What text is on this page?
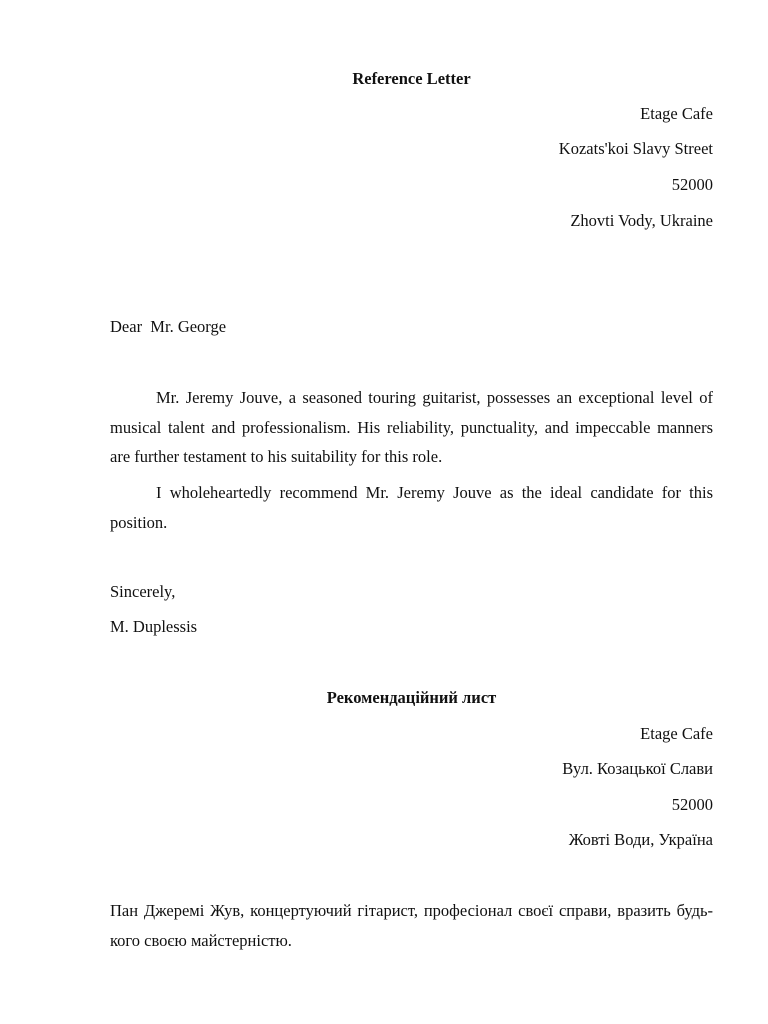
Reference Letter
Etage Cafe
Kozats'koi Slavy Street
52000
Zhovti Vody, Ukraine
Dear  Mr. George
Mr. Jeremy Jouve, a seasoned touring guitarist, possesses an exceptional level of musical talent and professionalism. His reliability, punctuality, and impeccable manners are further testament to his suitability for this role.
I wholeheartedly recommend Mr. Jeremy Jouve as the ideal candidate for this position.
Sincerely,
M. Duplessis
Рекомендаційний лист
Etage Cafe
Вул. Козацької Слави
52000
Жовті Води, Україна
Пан Джеремі Жув, концертуючий гітарист, професіонал своєї справи, вразить будь-кого своєю майстерністю.
